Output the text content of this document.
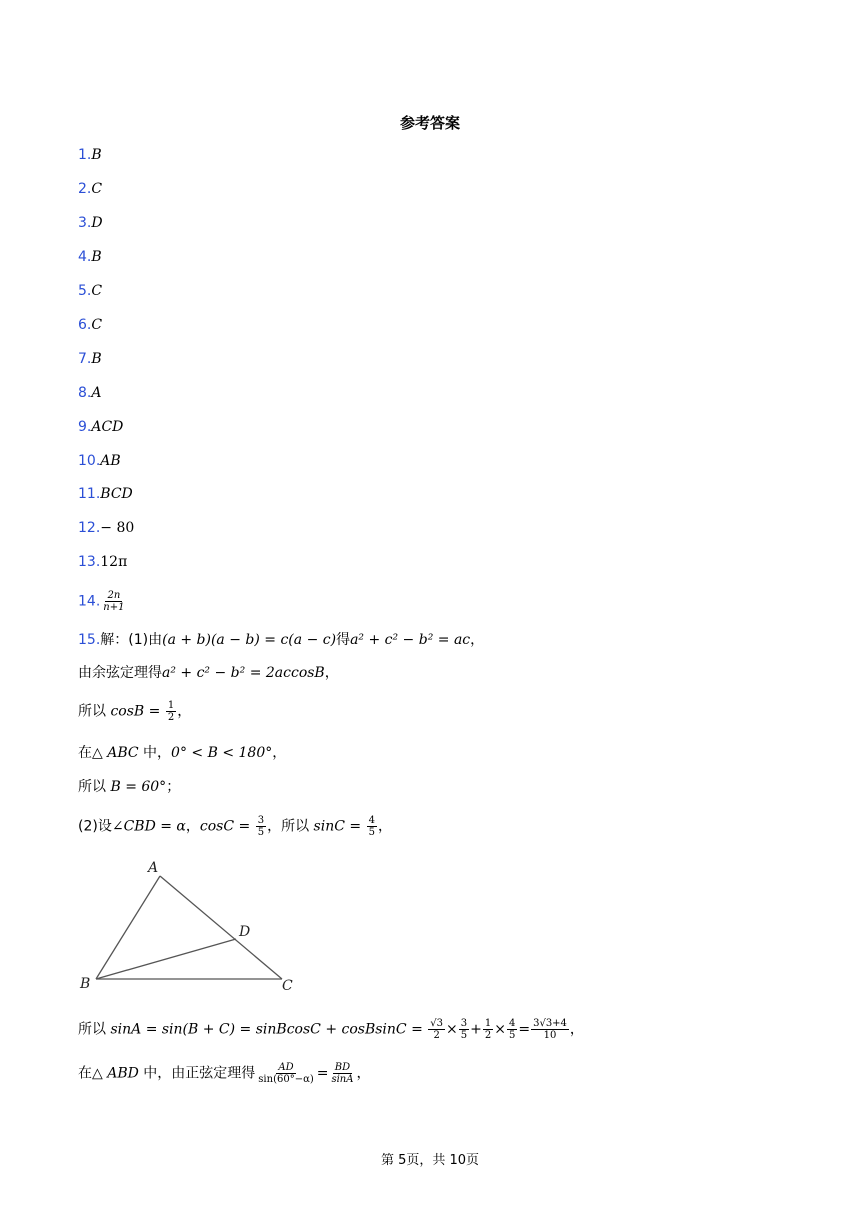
参考答案
1.B
2.C
3.D
4.B
5.C
6.C
7.B
8.A
9.ACD
10.AB
11.BCD
12.− 80
13.12π
14. $\frac{2n}{n+1}$
15.解：(1)由(a + b)(a − b) = c(a − c)得a² + c² − b² = ac，
由余弦定理得a² + c² − b² = 2accosB，
所以 $\cos B = \frac{1}{2}$ ，
在△ ABC 中，0° < B < 180°，
所以 B = 60°；
(2)设∠CBD = α，$\cos C = \frac{3}{5}$ ，所以 $\sin C = \frac{4}{5}$ ，
A
B	C
D
所以 sinA = sin(B + C) = sinBcosC + cosBsinC = $\frac{√3}{2} \times \frac{3}{5} + \frac{1}{2} \times \frac{4}{5} = \frac{3√3+4}{10}$ ，
在△ ABD 中，由正弦定理得 $\frac{AD}{\sin(60^\circ-\alpha)} = \frac{BD}{\sin A}$ ，
第 5页，共 10页
